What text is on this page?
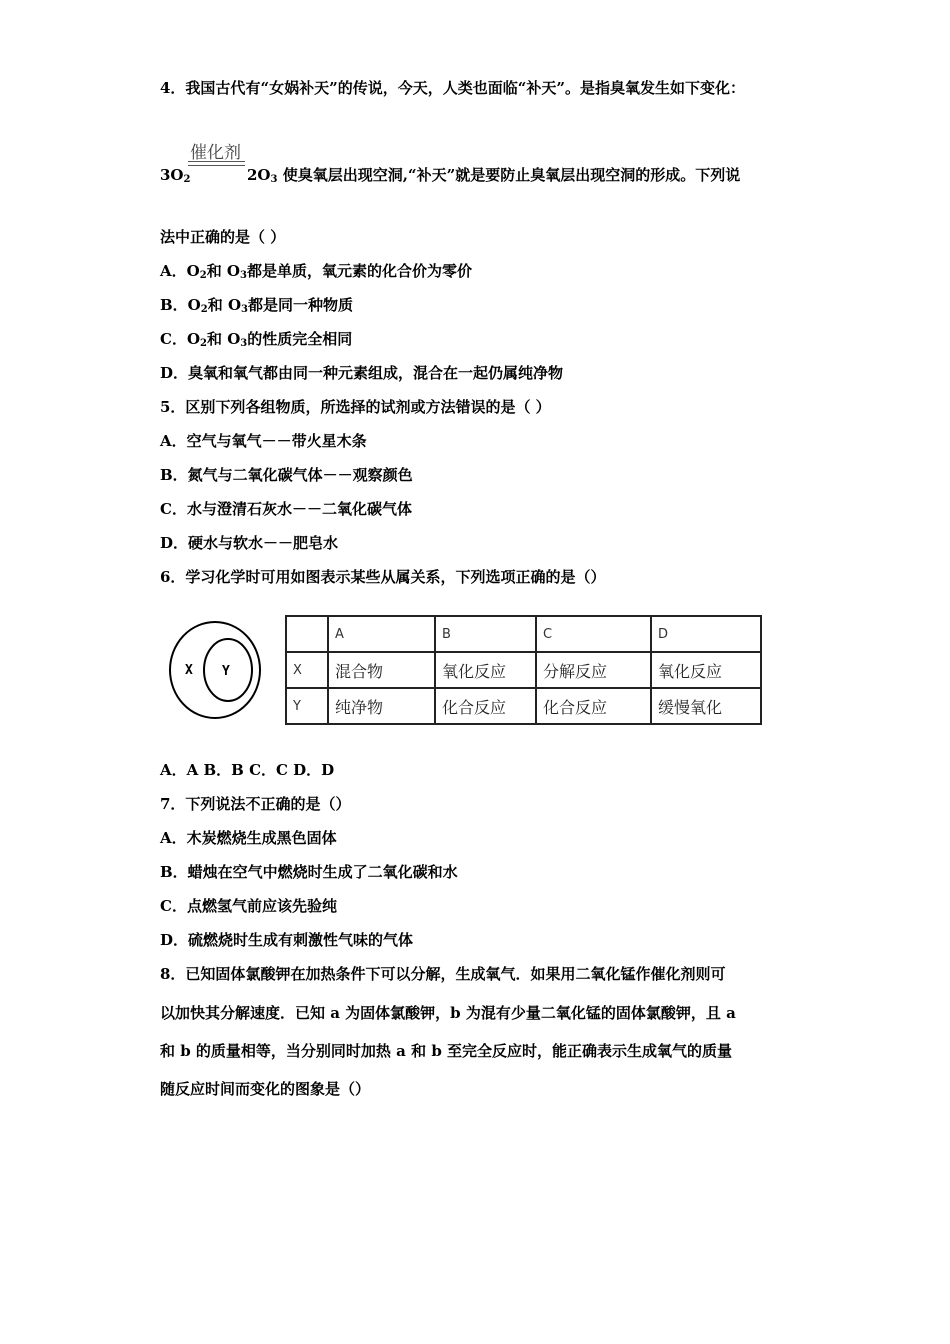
4．我国古代有“女娲补天”的传说，今天，人类也面临“补天”。是指臭氧发生如下变化：
催化剂
$3O_2$	$2O_3$ 使臭氧层出现空洞,“补天”就是要防止臭氧层出现空洞的形成。下列说
法中正确的是（ ）
A．$O_2$和 $O_3$都是单质，氧元素的化合价为零价
B．$O_2$和 $O_3$都是同一种物质
C．$O_2$和 $O_3$的性质完全相同
D．臭氧和氧气都由同一种元素组成，混合在一起仍属纯净物
5．区别下列各组物质，所选择的试剂或方法错误的是（ ）
A．空气与氧气－－带火星木条
B．氮气与二氧化碳气体－－观察颜色
C．水与澄清石灰水－－二氧化碳气体
D．硬水与软水－－肥皂水
6．学习化学时可用如图表示某些从属关系，下列选项正确的是（）
X Y
	A	B	C	D
X	混合物	氧化反应	分解反应	氧化反应
Y	纯净物	化合反应	化合反应	缓慢氧化
A．A B．B C．C D．D
7．下列说法不正确的是（）
A．木炭燃烧生成黑色固体
B．蜡烛在空气中燃烧时生成了二氧化碳和水
C．点燃氢气前应该先验纯
D．硫燃烧时生成有刺激性气味的气体
8．已知固体氯酸钾在加热条件下可以分解，生成氧气．如果用二氧化锰作催化剂则可
以加快其分解速度．已知 a 为固体氯酸钾，b 为混有少量二氧化锰的固体氯酸钾，且 a
和 b 的质量相等，当分别同时加热 a 和 b 至完全反应时，能正确表示生成氧气的质量
随反应时间而变化的图象是（）
